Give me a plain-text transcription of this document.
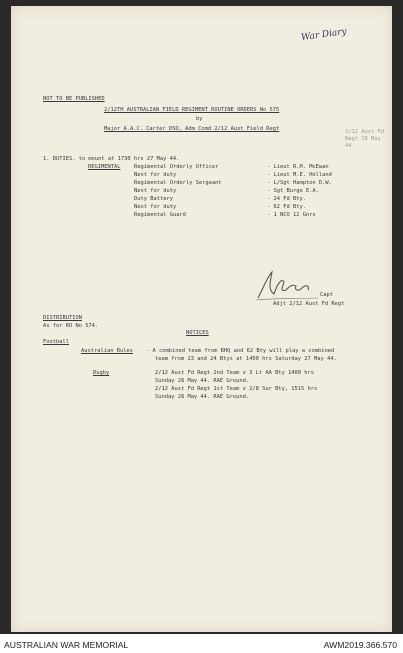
War Diary
NOT TO BE PUBLISHED
2/12TH AUSTRALIAN FIELD REGIMENT ROUTINE ORDERS No 575
by
Major A.A.C. Carter DSO, Adm Comd 2/12 Aust Field Regt	2/12 Aust Fd Regt 28 May 44
1. DUTIES. to mount at 1730 hrs 27 May 44.
REGIMENTAL	Regimental Orderly Officer	- Lieut R.H. McEwan
Next for duty	- Lieut M.E. Holland
Regimental Orderly Sergeant	- L/Sgt Hampton D.W.
Next for duty	- Sgt Burge E.A.
Duty Battery	- 24 Fd Bty.
Next for duty	- 62 Fd Bty.
Regimental Guard	- 1 NCO 12 Gnrs
Capt
Adjt 2/12 Aust Fd Regt
DISTRIBUTION
As for RO No 574.
NOTICES
Football
Australian Rules - A combined team from RHQ and 62 Bty will play a combined
team from 23 and 24 Btys at 1400 hrs Saturday 27 May 44.
Rugby	2/12 Aust Fd Regt 2nd Team v 3 Lt AA Bty 1400 hrs
Sunday 28 May 44. RAE Ground.
2/12 Aust Fd Regt 1st Team v 2/8 Sur Bty, 1515 hrs
Sunday 28 May 44. RAE Ground.
AUSTRALIAN WAR MEMORIAL	AWM2019.366.570
